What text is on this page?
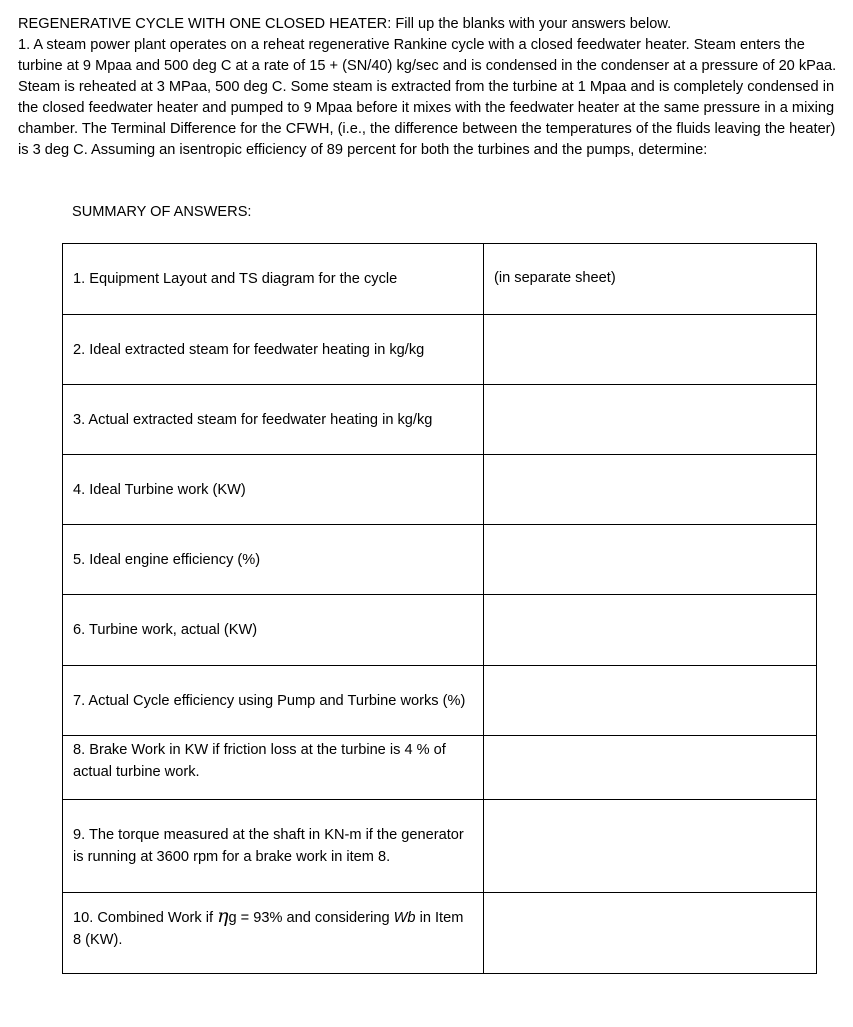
REGENERATIVE CYCLE WITH ONE CLOSED HEATER: Fill up the blanks with your answers below.

1. A steam power plant operates on a reheat regenerative Rankine cycle with a closed feedwater heater. Steam enters the turbine at 9 Mpaa and 500 deg C at a rate of 15 + (SN/40) kg/sec and is condensed in the condenser at a pressure of 20 kPaa. Steam is reheated at 3 MPaa, 500 deg C. Some steam is extracted from the turbine at 1 Mpaa and is completely condensed in the closed feedwater heater and pumped to 9 Mpaa before it mixes with the feedwater heater at the same pressure in a mixing chamber. The Terminal Difference for the CFWH, (i.e., the difference between the temperatures of the fluids leaving the heater) is 3 deg C. Assuming an isentropic efficiency of 89 percent for both the turbines and the pumps, determine:

SUMMARY OF ANSWERS:

1. Equipment Layout and TS diagram for the cycle	(in separate sheet)
2. Ideal extracted steam for feedwater heating in kg/kg	
3. Actual extracted steam for feedwater heating in kg/kg	
4. Ideal Turbine work (KW)	
5. Ideal engine efficiency (%)	
6. Turbine work, actual (KW)	
7. Actual Cycle efficiency using Pump and Turbine works (%)	
8. Brake Work in KW if friction loss at the turbine is 4 % of actual turbine work.	
9. The torque measured at the shaft in KN-m if the generator is running at 3600 rpm for a brake work in item 8.	
10. Combined Work if ηg = 93% and considering Wb in Item 8 (KW).	
